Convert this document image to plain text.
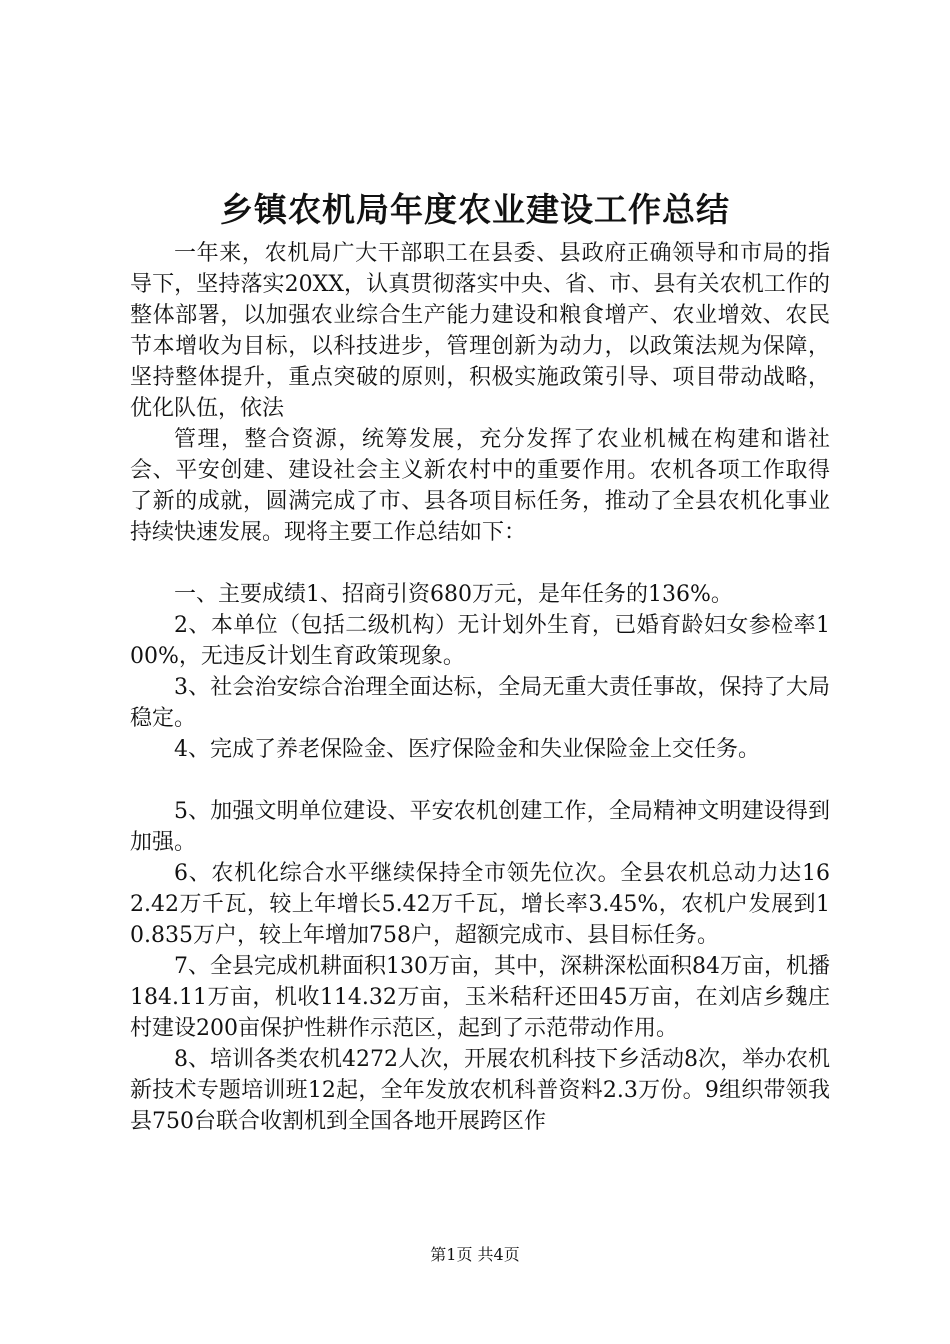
乡镇农机局年度农业建设工作总结

一年来，农机局广大干部职工在县委、县政府正确领导和市局的指导下，坚持落实20XX，认真贯彻落实中央、省、市、县有关农机工作的整体部署，以加强农业综合生产能力建设和粮食增产、农业增效、农民节本增收为目标，以科技进步，管理创新为动力，以政策法规为保障，坚持整体提升，重点突破的原则，积极实施政策引导、项目带动战略，优化队伍，依法

管理，整合资源，统筹发展，充分发挥了农业机械在构建和谐社会、平安创建、建设社会主义新农村中的重要作用。农机各项工作取得了新的成就，圆满完成了市、县各项目标任务，推动了全县农机化事业持续快速发展。现将主要工作总结如下：

一、主要成绩1、招商引资680万元，是年任务的136%。

2、本单位（包括二级机构）无计划外生育，已婚育龄妇女参检率100%，无违反计划生育政策现象。

3、社会治安综合治理全面达标，全局无重大责任事故，保持了大局稳定。

4、完成了养老保险金、医疗保险金和失业保险金上交任务。

5、加强文明单位建设、平安农机创建工作，全局精神文明建设得到加强。

6、农机化综合水平继续保持全市领先位次。全县农机总动力达162.42万千瓦，较上年增长5.42万千瓦，增长率3.45%，农机户发展到10.835万户，较上年增加758户，超额完成市、县目标任务。

7、全县完成机耕面积130万亩，其中，深耕深松面积84万亩，机播184.11万亩，机收114.32万亩，玉米秸秆还田45万亩，在刘店乡魏庄村建设200亩保护性耕作示范区，起到了示范带动作用。

8、培训各类农机4272人次，开展农机科技下乡活动8次，举办农机新技术专题培训班12起，全年发放农机科普资料2.3万份。9组织带领我县750台联合收割机到全国各地开展跨区作

第1页 共4页
